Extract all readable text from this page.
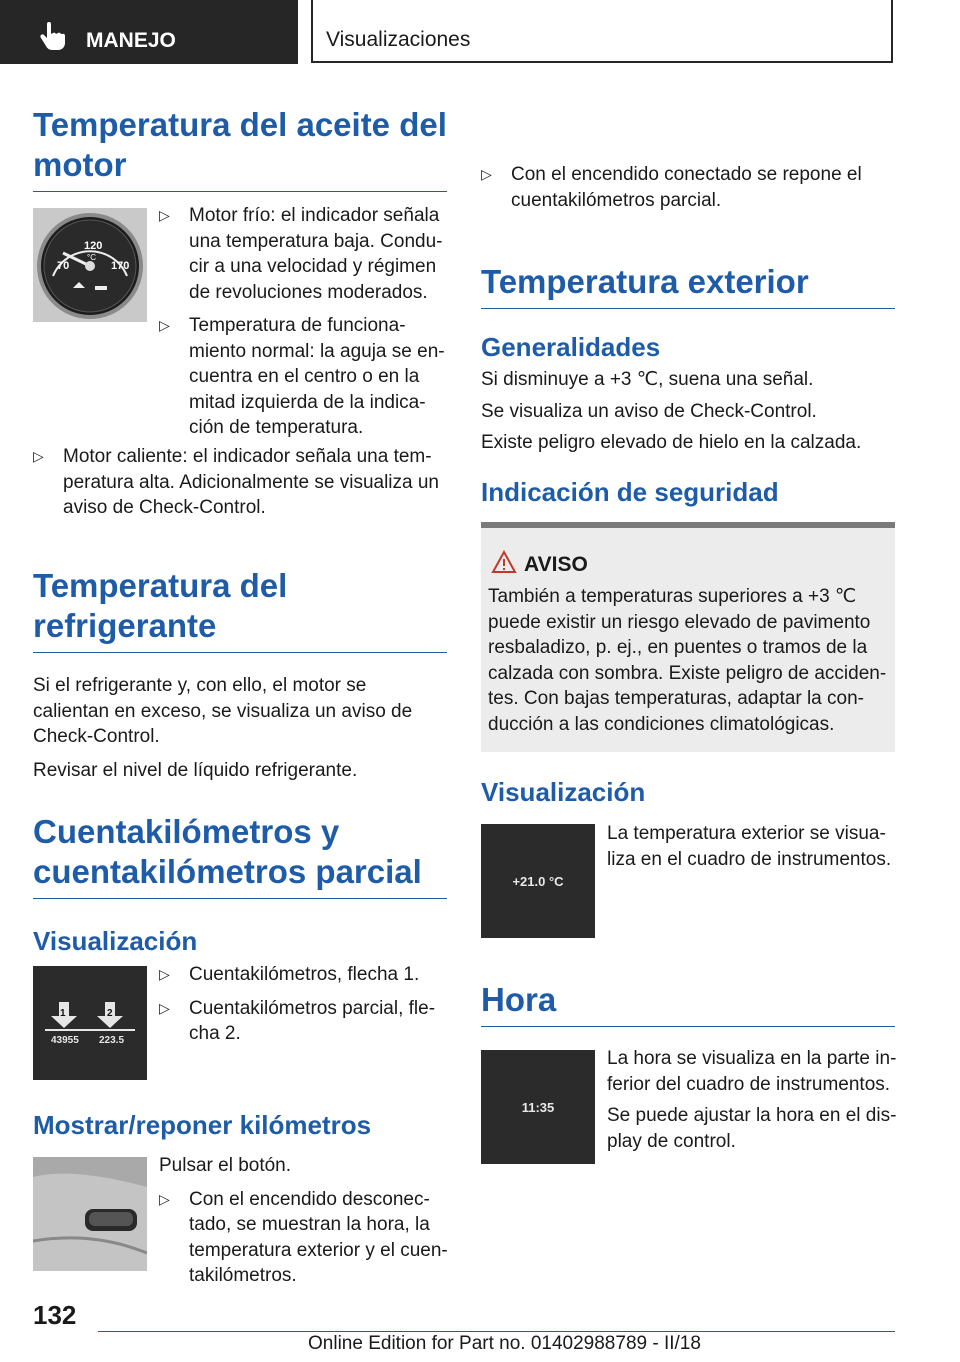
MANEJO	Visualizaciones
Temperatura del aceite del motor
120
°C
70	170
▷ Motor frío: el indicador señala una temperatura baja. Conducir a una velocidad y régimen de revoluciones moderados.
▷ Temperatura de funcionamiento normal: la aguja se encuentra en el centro o en la mitad izquierda de la indicación de temperatura.
▷ Motor caliente: el indicador señala una temperatura alta. Adicionalmente se visualiza un aviso de Check-Control.
Temperatura del refrigerante

Si el refrigerante y, con ello, el motor se calientan en exceso, se visualiza un aviso de Check-Control.

Revisar el nivel de líquido refrigerante.

Cuentakilómetros y cuentakilómetros parcial
Visualización
1	2
43955 223.5
▷ Cuentakilómetros, flecha 1.
▷ Cuentakilómetros parcial, flecha 2.
Mostrar/reponer kilómetros

Pulsar el botón.

▷ Con el encendido desconectado, se muestran la hora, la temperatura exterior y el cuentakilómetros.
▷ Con el encendido conectado se repone el cuentakilómetros parcial.
Temperatura exterior
Generalidades

Si disminuye a +3 ℃, suena una señal.

Se visualiza un aviso de Check-Control.

Existe peligro elevado de hielo en la calzada.

Indicación de seguridad
AVISO

También a temperaturas superiores a +3 ℃ puede existir un riesgo elevado de pavimento resbaladizo, p. ej., en puentes o tramos de la calzada con sombra. Existe peligro de accidentes. Con bajas temperaturas, adaptar la conducción a las condiciones climatológicas.

Visualización
+21.0 °C

La temperatura exterior se visualiza en el cuadro de instrumentos.

Hora
11:35

La hora se visualiza en la parte inferior del cuadro de instrumentos.

Se puede ajustar la hora en el display de control.

132
Online Edition for Part no. 01402988789 - II/18
